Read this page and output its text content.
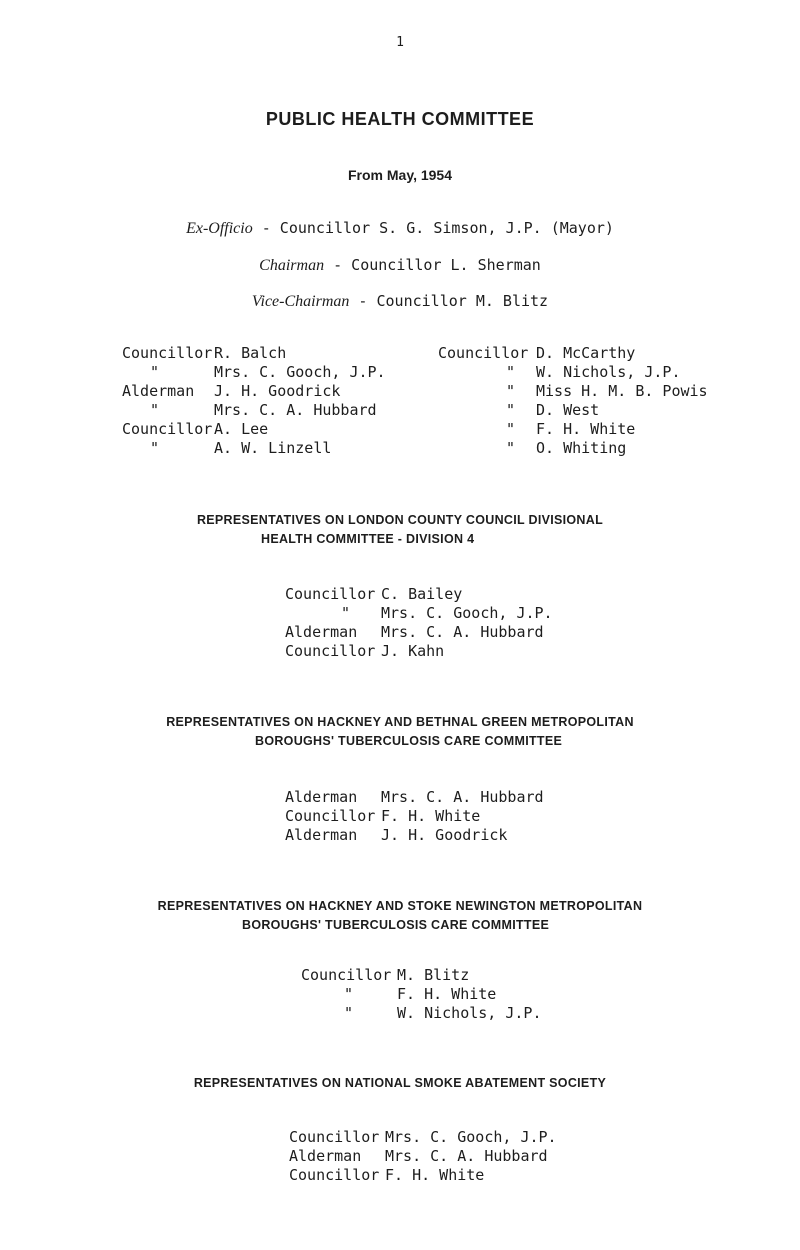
1
PUBLIC HEALTH COMMITTEE
From May, 1954
Ex-Officio - Councillor S. G. Simson, J.P. (Mayor)
Chairman - Councillor L. Sherman
Vice-Chairman - Councillor M. Blitz
Councillor R. Balch
"	Mrs. C. Gooch, J.P.
Alderman J. H. Goodrick
"	Mrs. C. A. Hubbard
Councillor A. Lee
"	A. W. Linzell
Councillor D. McCarthy
" W. Nichols, J.P.
" Miss H. M. B. Powis
" D. West
" F. H. White
" O. Whiting
REPRESENTATIVES ON LONDON COUNTY COUNCIL DIVISIONAL
HEALTH COMMITTEE - DIVISION 4
Councillor C. Bailey
" Mrs. C. Gooch, J.P.
Alderman Mrs. C. A. Hubbard
Councillor J. Kahn
REPRESENTATIVES ON HACKNEY AND BETHNAL GREEN METROPOLITAN
BOROUGHS' TUBERCULOSIS CARE COMMITTEE
Alderman Mrs. C. A. Hubbard
Councillor F. H. White
Alderman J. H. Goodrick
REPRESENTATIVES ON HACKNEY AND STOKE NEWINGTON METROPOLITAN
BOROUGHS' TUBERCULOSIS CARE COMMITTEE
Councillor M. Blitz
"	F. H. White
"	W. Nichols, J.P.
REPRESENTATIVES ON NATIONAL SMOKE ABATEMENT SOCIETY
Councillor Mrs. C. Gooch, J.P.
Alderman Mrs. C. A. Hubbard
Councillor F. H. White
